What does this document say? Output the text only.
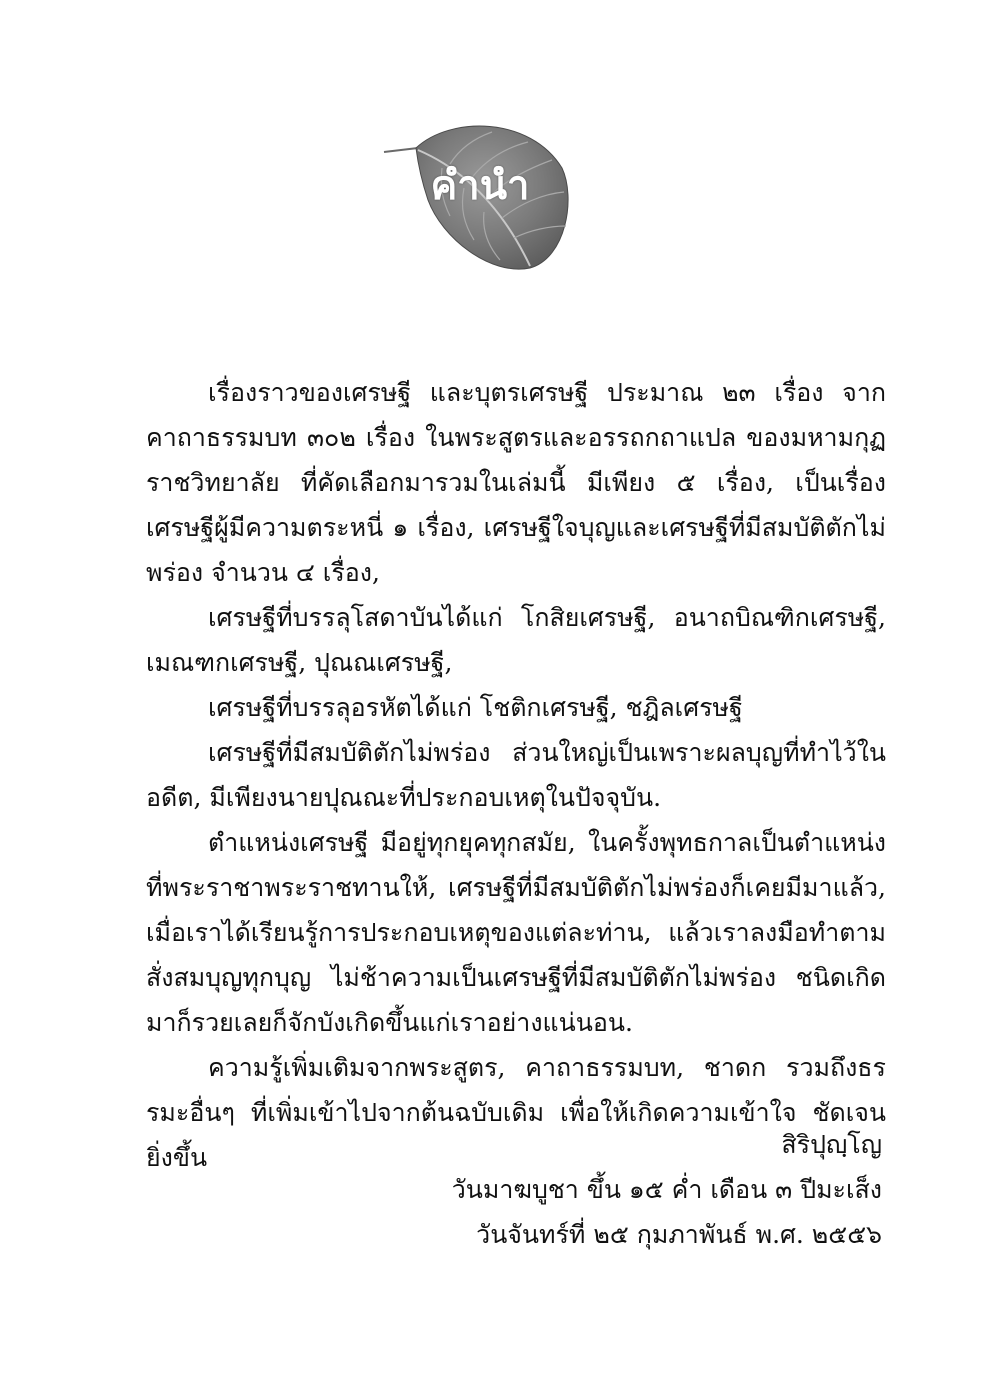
คำนำ

เรื่องราวของเศรษฐี และบุตรเศรษฐี ประมาณ ๒๓ เรื่อง จากคาถาธรรมบท ๓๐๒ เรื่อง ในพระสูตรและอรรถกถาแปล ของมหามกุฏราชวิทยาลัย ที่คัดเลือกมารวมในเล่มนี้ มีเพียง ๕ เรื่อง, เป็นเรื่องเศรษฐีผู้มีความตระหนี่ ๑ เรื่อง, เศรษฐีใจบุญและเศรษฐีที่มีสมบัติตักไม่พร่อง จำนวน ๔ เรื่อง,

เศรษฐีที่บรรลุโสดาบันได้แก่ โกสิยเศรษฐี, อนาถบิณฑิกเศรษฐี, เมณฑกเศรษฐี, ปุณณเศรษฐี,

เศรษฐีที่บรรลุอรหัตได้แก่ โชติกเศรษฐี, ชฎิลเศรษฐี

เศรษฐีที่มีสมบัติตักไม่พร่อง ส่วนใหญ่เป็นเพราะผลบุญที่ทำไว้ในอดีต, มีเพียงนายปุณณะที่ประกอบเหตุในปัจจุบัน.

ตำแหน่งเศรษฐี มีอยู่ทุกยุคทุกสมัย, ในครั้งพุทธกาลเป็นตำแหน่งที่พระราชาพระราชทานให้, เศรษฐีที่มีสมบัติตักไม่พร่องก็เคยมีมาแล้ว, เมื่อเราได้เรียนรู้การประกอบเหตุของแต่ละท่าน, แล้วเราลงมือทำตาม สั่งสมบุญทุกบุญ ไม่ช้าความเป็นเศรษฐีที่มีสมบัติตักไม่พร่อง ชนิดเกิดมาก็รวยเลยก็จักบังเกิดขึ้นแก่เราอย่างแน่นอน.

ความรู้เพิ่มเติมจากพระสูตร, คาถาธรรมบท, ชาดก รวมถึงธรรมะอื่นๆ ที่เพิ่มเข้าไปจากต้นฉบับเดิม เพื่อให้เกิดความเข้าใจ ชัดเจนยิ่งขึ้น	สิริปุญฺโญ
วันมาฆบูชา ขึ้น ๑๕ ค่ำ เดือน ๓ ปีมะเส็ง
วันจันทร์ที่ ๒๕ กุมภาพันธ์ พ.ศ. ๒๕๕๖
